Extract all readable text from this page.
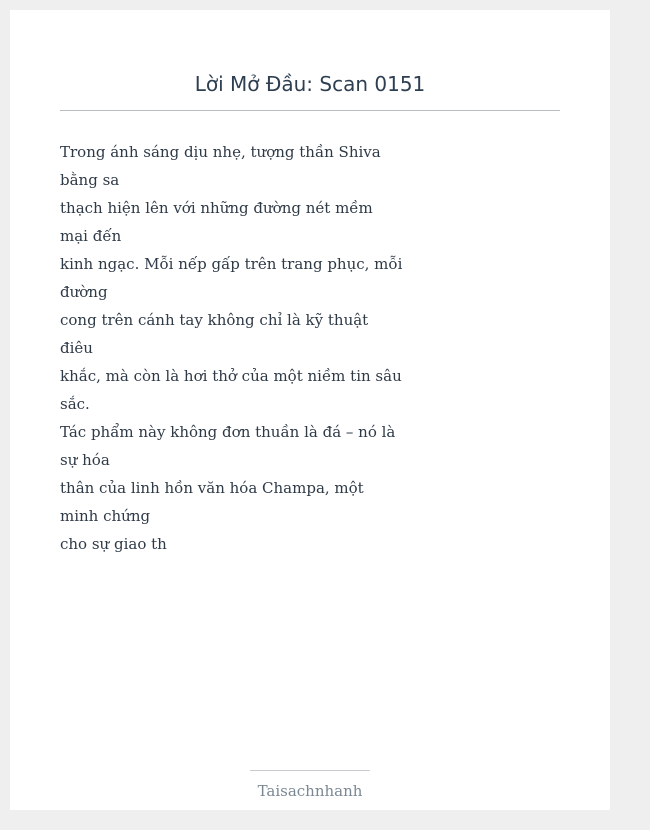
Lời Mở Đầu: Scan 0151

Trong ánh sáng dịu nhẹ, tượng thần Shiva bằng sa
thạch hiện lên với những đường nét mềm mại đến
kinh ngạc. Mỗi nếp gấp trên trang phục, mỗi đường
cong trên cánh tay không chỉ là kỹ thuật điêu
khắc, mà còn là hơi thở của một niềm tin sâu sắc.
Tác phẩm này không đơn thuần là đá – nó là sự hóa
thân của linh hồn văn hóa Champa, một minh chứng
cho sự giao th

Taisachnhanh
